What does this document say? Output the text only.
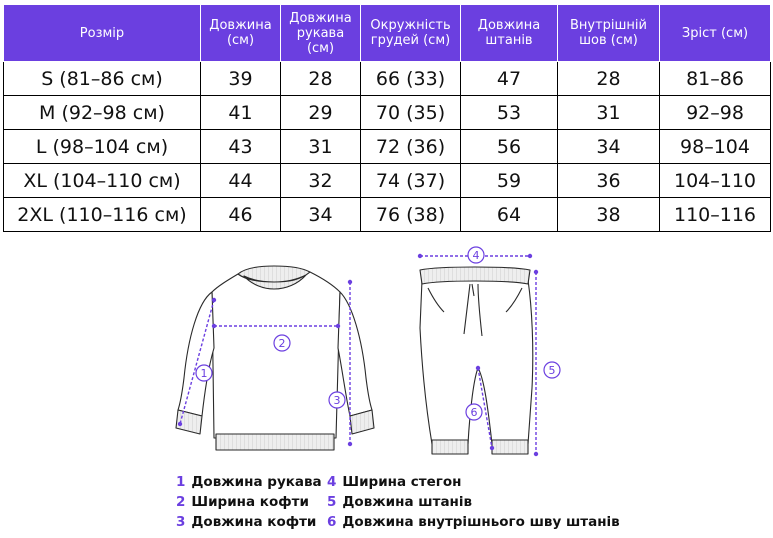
Розмір	Довжина (см)	Довжина рукава (см)	Окружність грудей (см)	Довжина штанів	Внутрішній шов (см)	Зріст (см)
S (81–86 см)	39	28	66 (33)	47	28	81–86
M (92–98 см)	41	29	70 (35)	53	31	92–98
L (98–104 см)	43	31	72 (36)	56	34	98–104
XL (104–110 см)	44	32	74 (37)	59	36	104–110
2XL (110–116 см)	46	34	76 (38)	64	38	110–116
1
2
3
4
5
6
1 Довжина рукава
2 Ширина кофти
3 Довжина кофти
4 Ширина стегон
5 Довжина штанів
6 Довжина внутрішнього шву штанів
